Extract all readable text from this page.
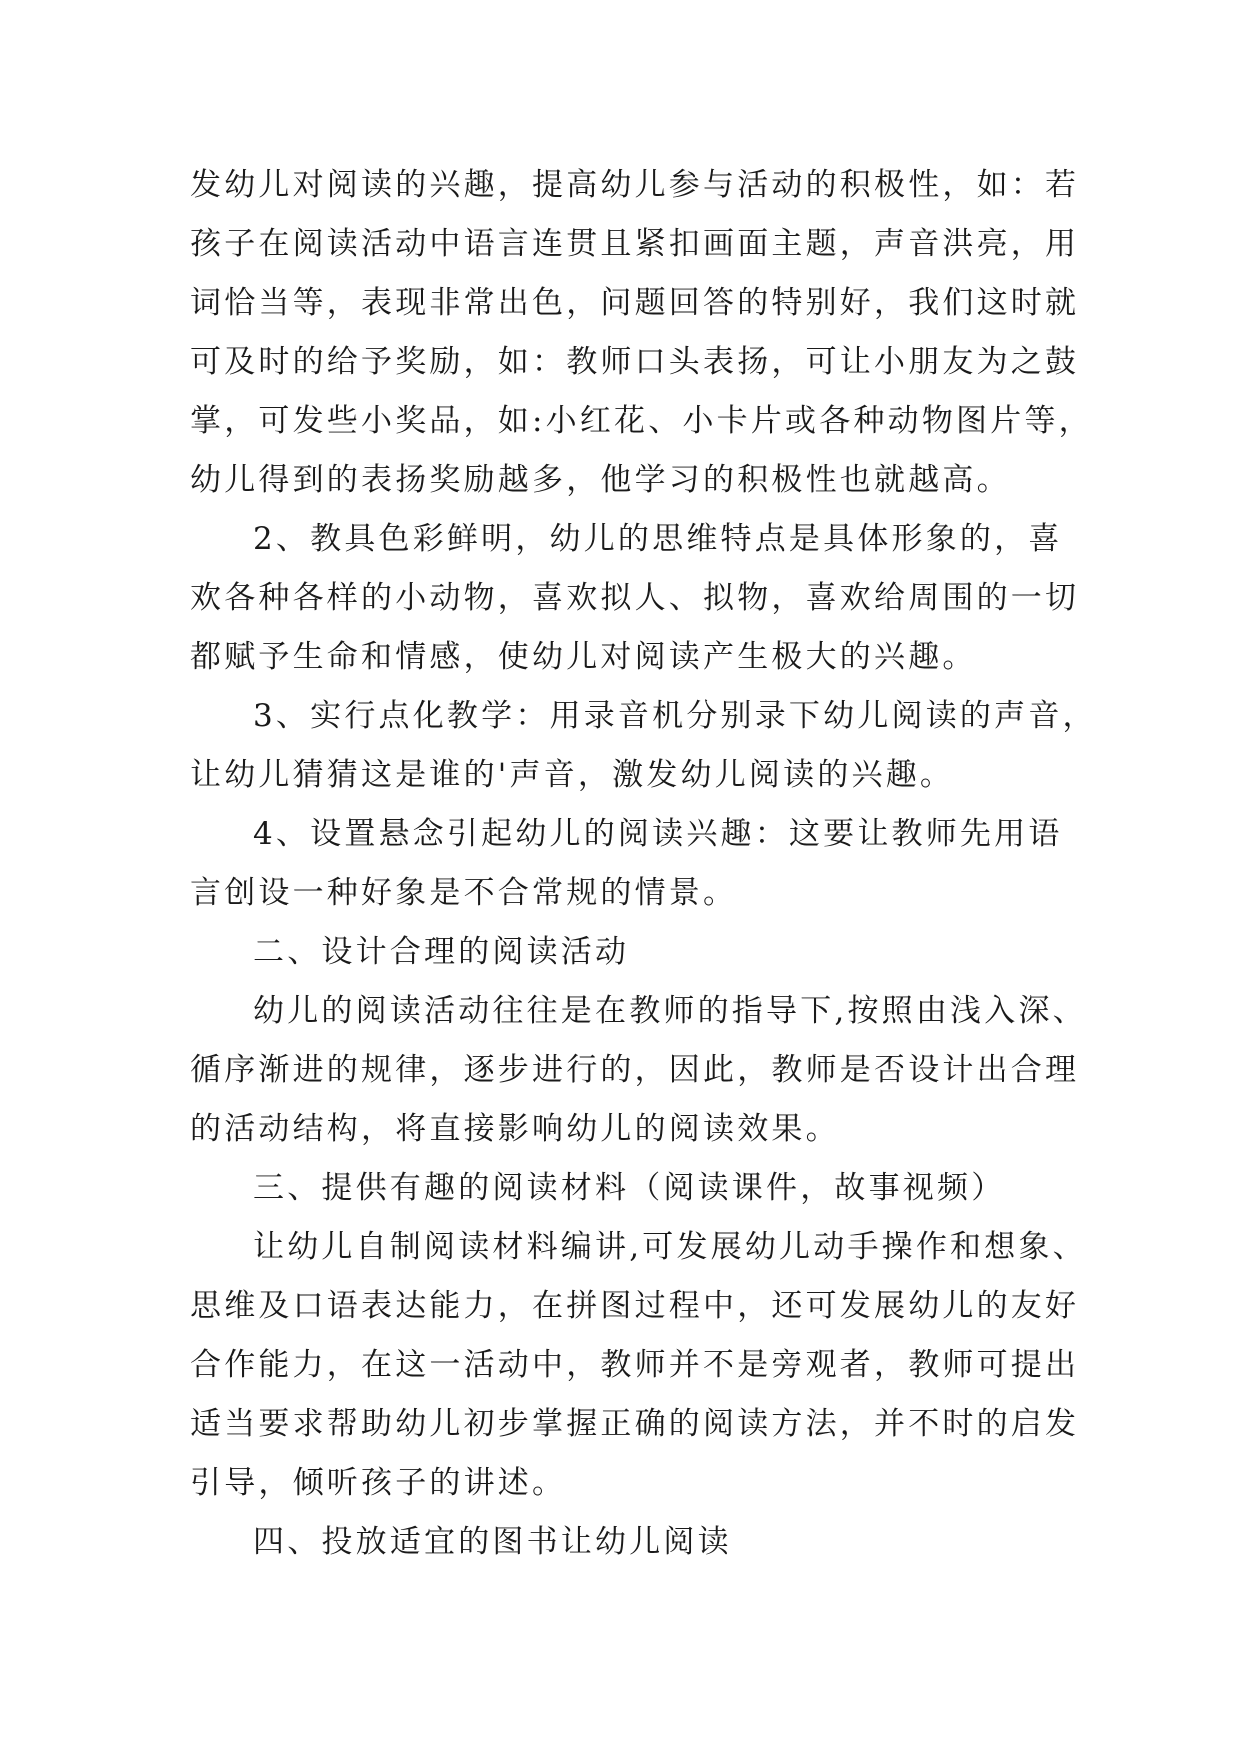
发幼儿对阅读的兴趣，提高幼儿参与活动的积极性，如：若
孩子在阅读活动中语言连贯且紧扣画面主题，声音洪亮，用
词恰当等，表现非常出色，问题回答的特别好，我们这时就
可及时的给予奖励，如：教师口头表扬，可让小朋友为之鼓
掌，可发些小奖品，如:小红花、小卡片或各种动物图片等，
幼儿得到的表扬奖励越多，他学习的积极性也就越高。
2、教具色彩鲜明，幼儿的思维特点是具体形象的，喜
欢各种各样的小动物，喜欢拟人、拟物，喜欢给周围的一切
都赋予生命和情感，使幼儿对阅读产生极大的兴趣。
3、实行点化教学：用录音机分别录下幼儿阅读的声音，
让幼儿猜猜这是谁的'声音，激发幼儿阅读的兴趣。
4、设置悬念引起幼儿的阅读兴趣：这要让教师先用语
言创设一种好象是不合常规的情景。
二、设计合理的阅读活动
幼儿的阅读活动往往是在教师的指导下,按照由浅入深、
循序渐进的规律，逐步进行的，因此，教师是否设计出合理
的活动结构，将直接影响幼儿的阅读效果。
三、提供有趣的阅读材料（阅读课件，故事视频）
让幼儿自制阅读材料编讲,可发展幼儿动手操作和想象、
思维及口语表达能力，在拼图过程中，还可发展幼儿的友好
合作能力，在这一活动中，教师并不是旁观者，教师可提出
适当要求帮助幼儿初步掌握正确的阅读方法，并不时的启发
引导，倾听孩子的讲述。
四、投放适宜的图书让幼儿阅读
